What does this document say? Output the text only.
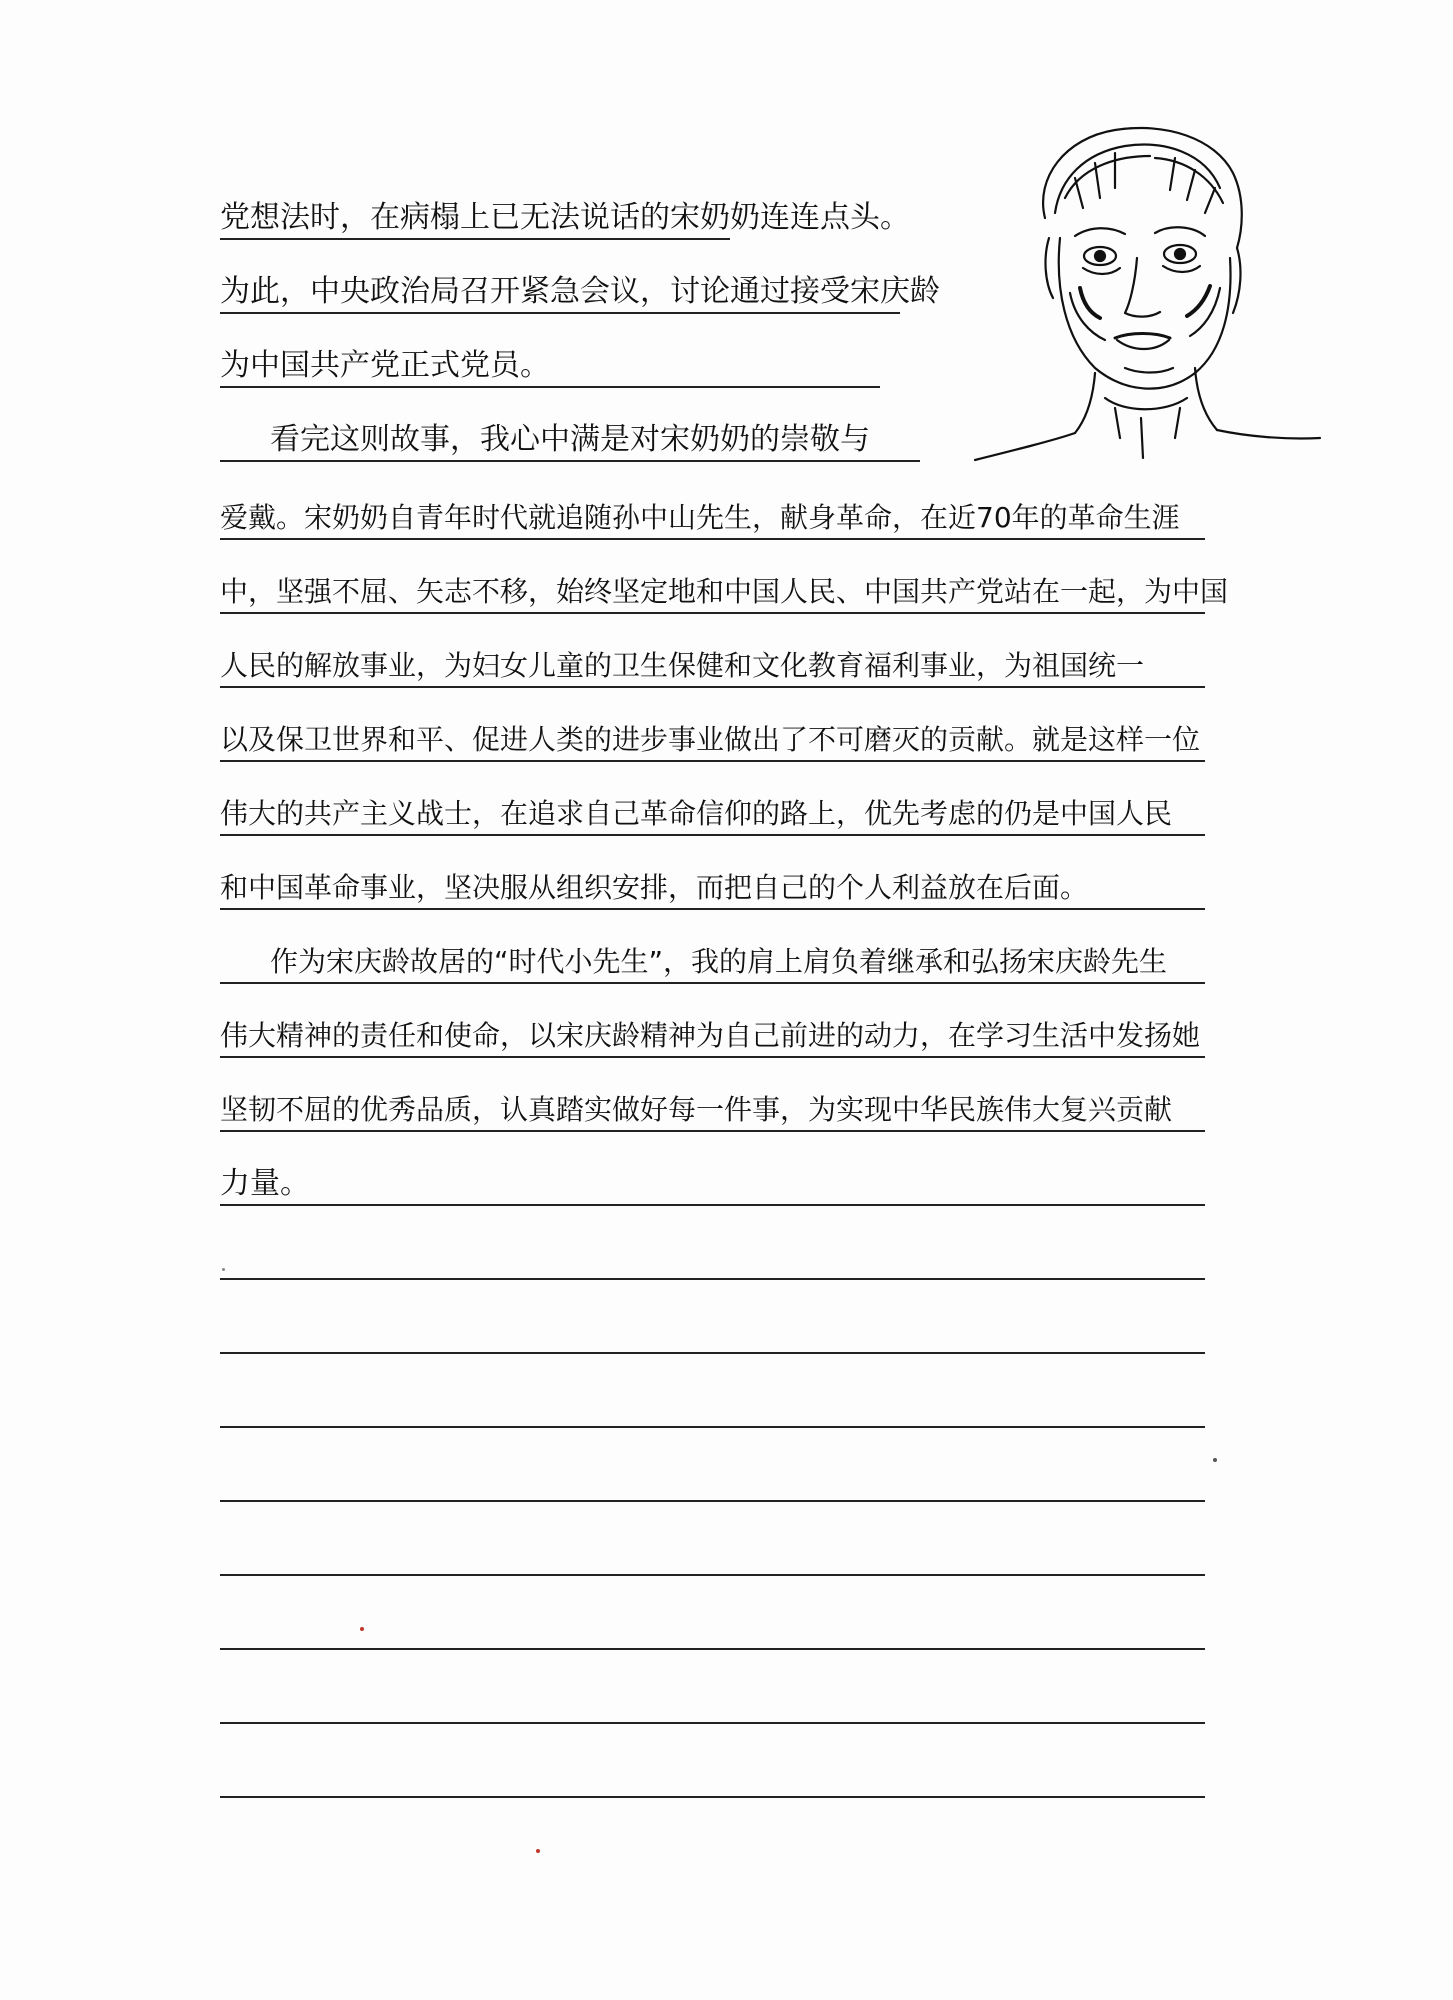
党想法时，在病榻上已无法说话的宋奶奶连连点头。
为此，中央政治局召开紧急会议，讨论通过接受宋庆龄
为中国共产党正式党员。
看完这则故事，我心中满是对宋奶奶的崇敬与
爱戴。宋奶奶自青年时代就追随孙中山先生，献身革命，在近70年的革命生涯
中，坚强不屈、矢志不移，始终坚定地和中国人民、中国共产党站在一起，为中国
人民的解放事业，为妇女儿童的卫生保健和文化教育福利事业，为祖国统一
以及保卫世界和平、促进人类的进步事业做出了不可磨灭的贡献。就是这样一位
伟大的共产主义战士，在追求自己革命信仰的路上，优先考虑的仍是中国人民
和中国革命事业，坚决服从组织安排，而把自己的个人利益放在后面。
作为宋庆龄故居的“时代小先生”，我的肩上肩负着继承和弘扬宋庆龄先生
伟大精神的责任和使命，以宋庆龄精神为自己前进的动力，在学习生活中发扬她
坚韧不屈的优秀品质，认真踏实做好每一件事，为实现中华民族伟大复兴贡献
力量。
